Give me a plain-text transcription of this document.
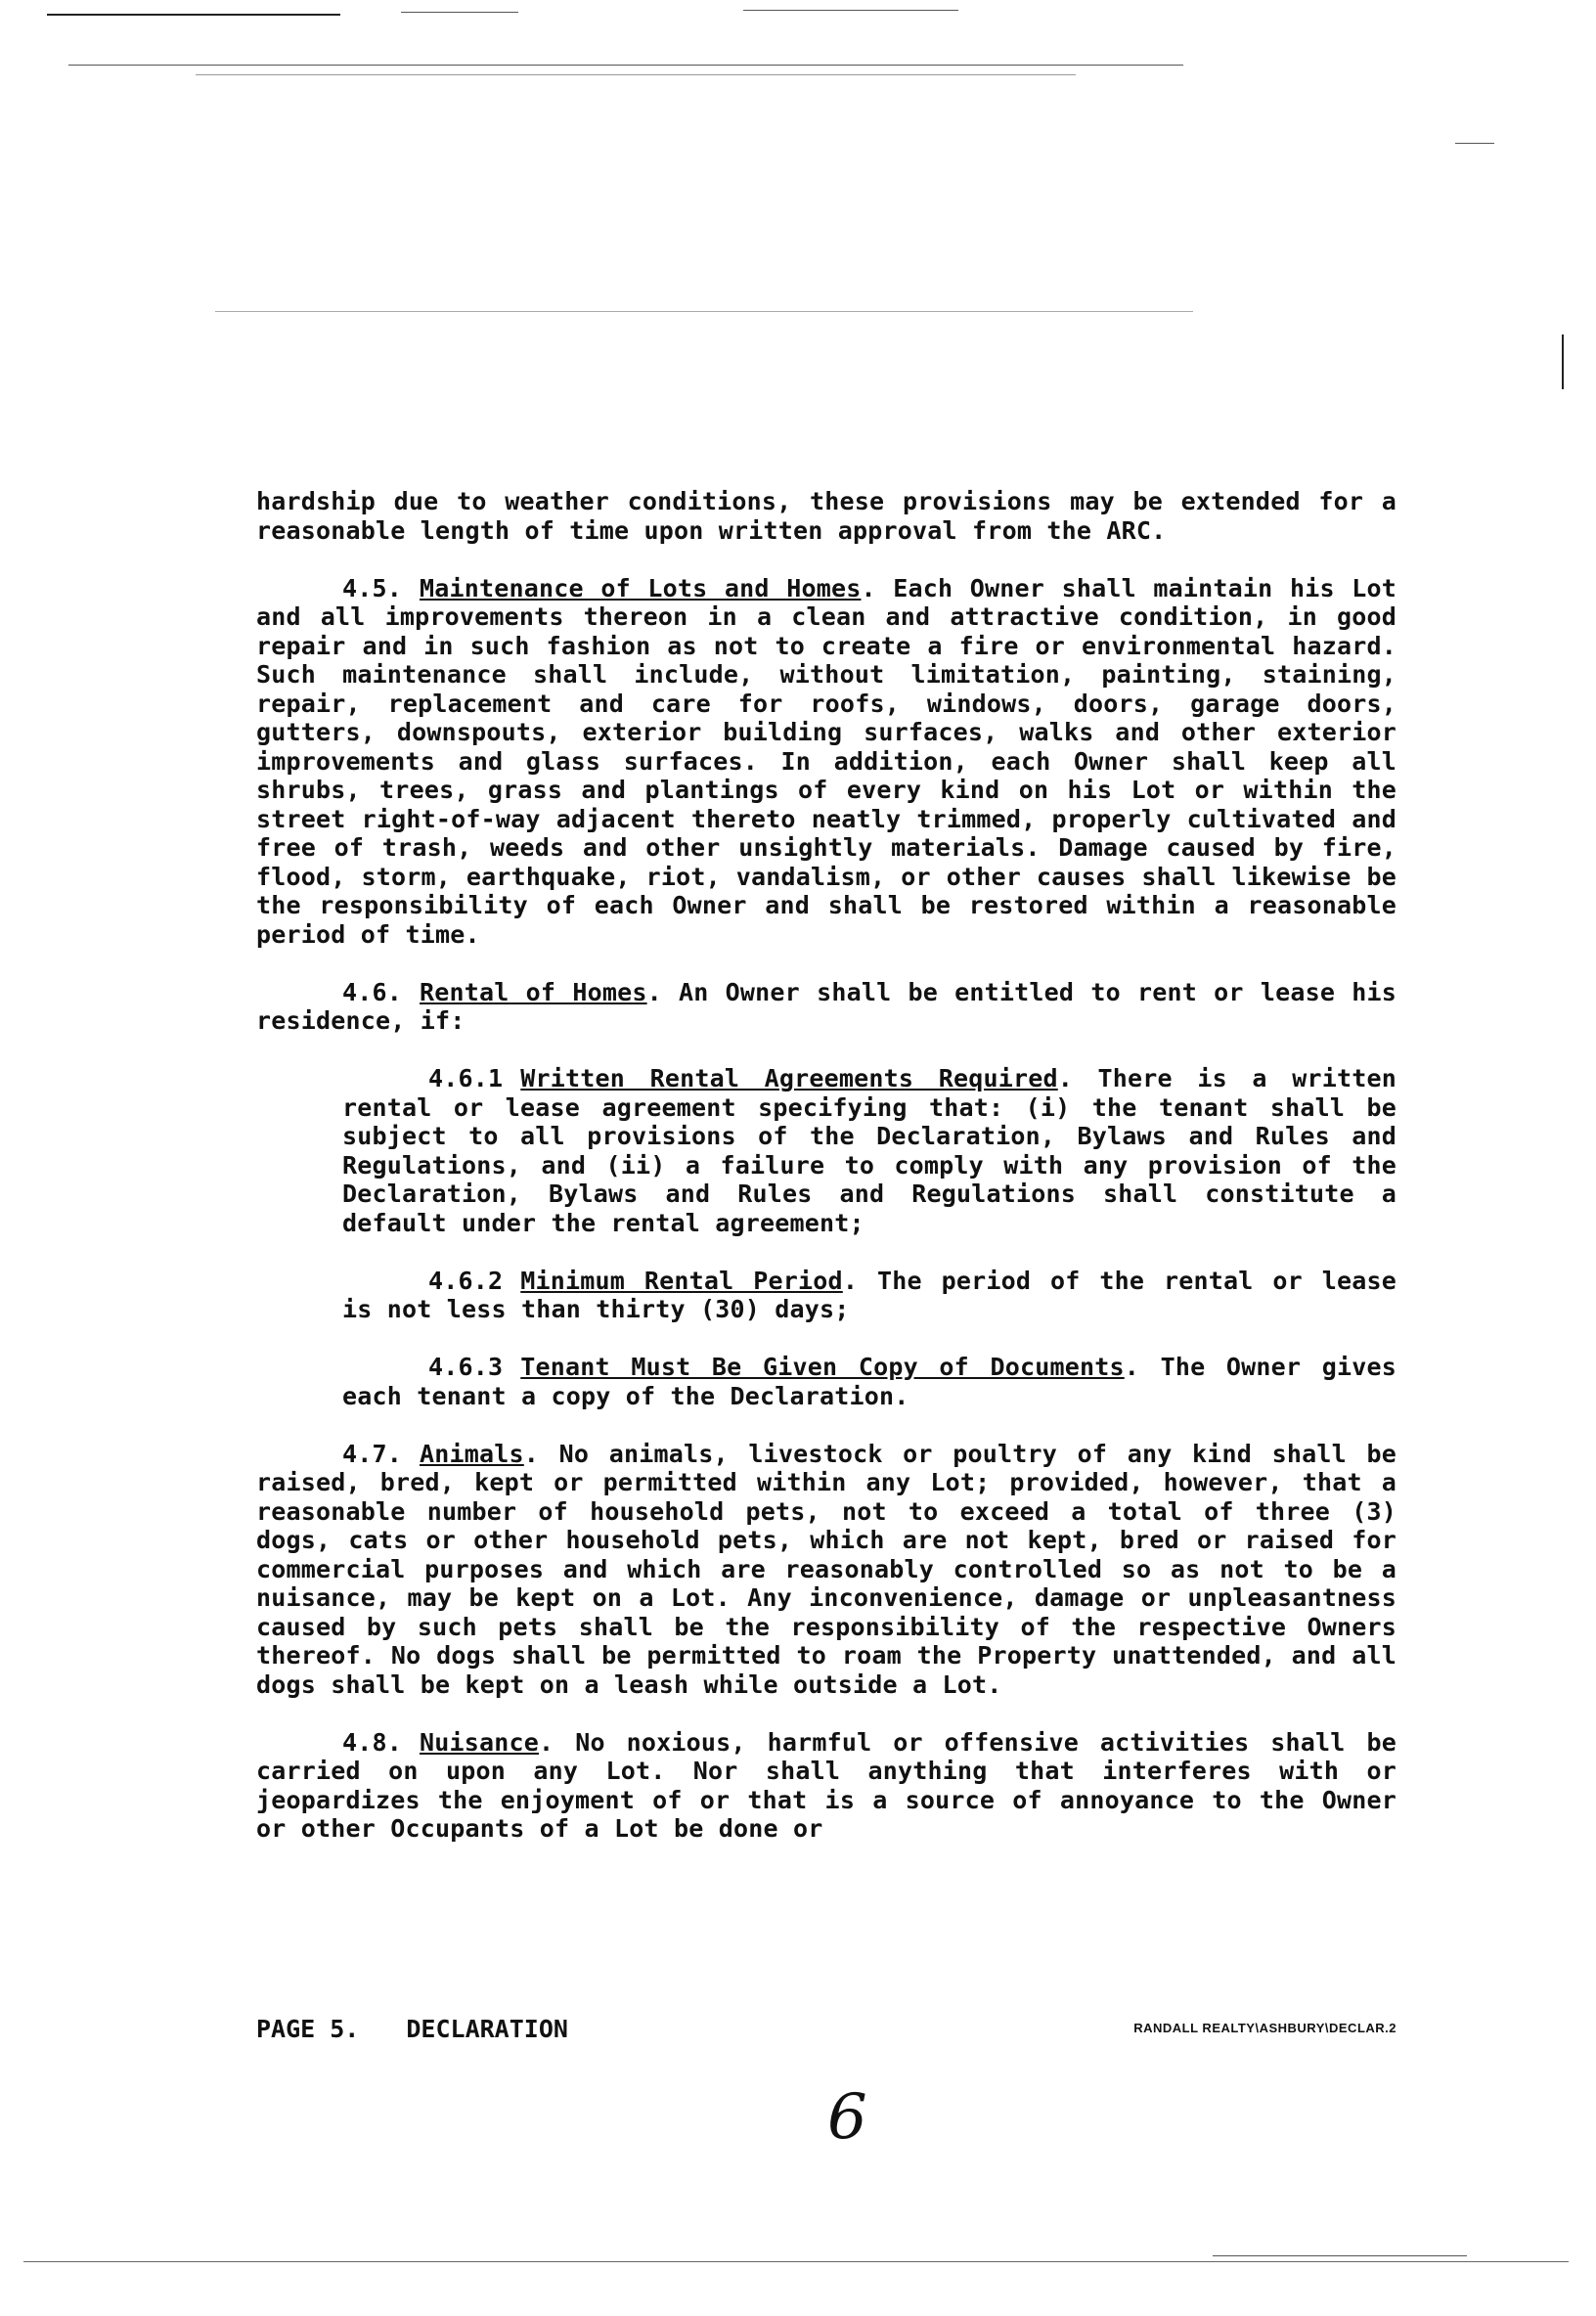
hardship due to weather conditions, these provisions may be extended for a reasonable length of time upon written approval from the ARC.

4.5. Maintenance of Lots and Homes. Each Owner shall maintain his Lot and all improvements thereon in a clean and attractive condition, in good repair and in such fashion as not to create a fire or environmental hazard. Such maintenance shall include, without limitation, painting, staining, repair, replacement and care for roofs, windows, doors, garage doors, gutters, downspouts, exterior building surfaces, walks and other exterior improvements and glass surfaces. In addition, each Owner shall keep all shrubs, trees, grass and plantings of every kind on his Lot or within the street right-of-way adjacent thereto neatly trimmed, properly cultivated and free of trash, weeds and other unsightly materials. Damage caused by fire, flood, storm, earthquake, riot, vandalism, or other causes shall likewise be the responsibility of each Owner and shall be restored within a reasonable period of time.

4.6. Rental of Homes. An Owner shall be entitled to rent or lease his residence, if:

4.6.1 Written Rental Agreements Required. There is a written rental or lease agreement specifying that: (i) the tenant shall be subject to all provisions of the Declaration, Bylaws and Rules and Regulations, and (ii) a failure to comply with any provision of the Declaration, Bylaws and Rules and Regulations shall constitute a default under the rental agreement;

4.6.2 Minimum Rental Period. The period of the rental or lease is not less than thirty (30) days;

4.6.3 Tenant Must Be Given Copy of Documents. The Owner gives each tenant a copy of the Declaration.

4.7. Animals. No animals, livestock or poultry of any kind shall be raised, bred, kept or permitted within any Lot; provided, however, that a reasonable number of household pets, not to exceed a total of three (3) dogs, cats or other household pets, which are not kept, bred or raised for commercial purposes and which are reasonably controlled so as not to be a nuisance, may be kept on a Lot. Any inconvenience, damage or unpleasantness caused by such pets shall be the responsibility of the respective Owners thereof. No dogs shall be permitted to roam the Property unattended, and all dogs shall be kept on a leash while outside a Lot.

4.8. Nuisance. No noxious, harmful or offensive activities shall be carried on upon any Lot. Nor shall anything that interferes with or jeopardizes the enjoyment of or that is a source of annoyance to the Owner or other Occupants of a Lot be done or

PAGE 5. DECLARATION	RANDALL REALTY\ASHBURY\DECLAR.2
6
